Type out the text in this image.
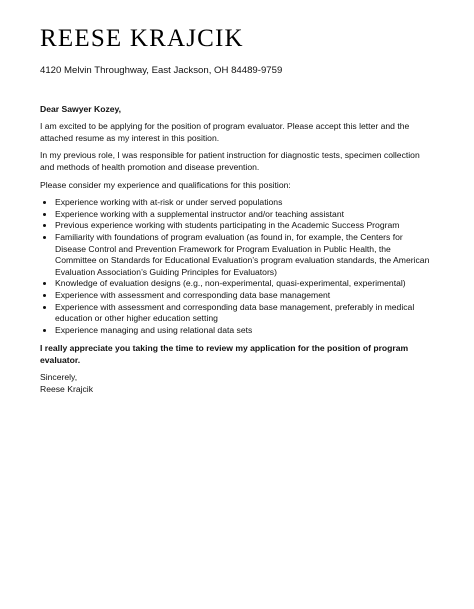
REESE KRAJCIK
4120 Melvin Throughway, East Jackson, OH 84489-9759

Dear Sawyer Kozey,

I am excited to be applying for the position of program evaluator. Please accept this letter and the attached resume as my interest in this position.

In my previous role, I was responsible for patient instruction for diagnostic tests, specimen collection and methods of health promotion and disease prevention.

Please consider my experience and qualifications for this position:

• Experience working with at-risk or under served populations
• Experience working with a supplemental instructor and/or teaching assistant
• Previous experience working with students participating in the Academic Success Program
• Familiarity with foundations of program evaluation (as found in, for example, the Centers for Disease Control and Prevention Framework for Program Evaluation in Public Health, the Committee on Standards for Educational Evaluation’s program evaluation standards, the American Evaluation Association’s Guiding Principles for Evaluators)
• Knowledge of evaluation designs (e.g., non-experimental, quasi-experimental, experimental)
• Experience with assessment and corresponding data base management
• Experience with assessment and corresponding data base management, preferably in medical education or other higher education setting
• Experience managing and using relational data sets

I really appreciate you taking the time to review my application for the position of program evaluator.

Sincerely,

Reese Krajcik
